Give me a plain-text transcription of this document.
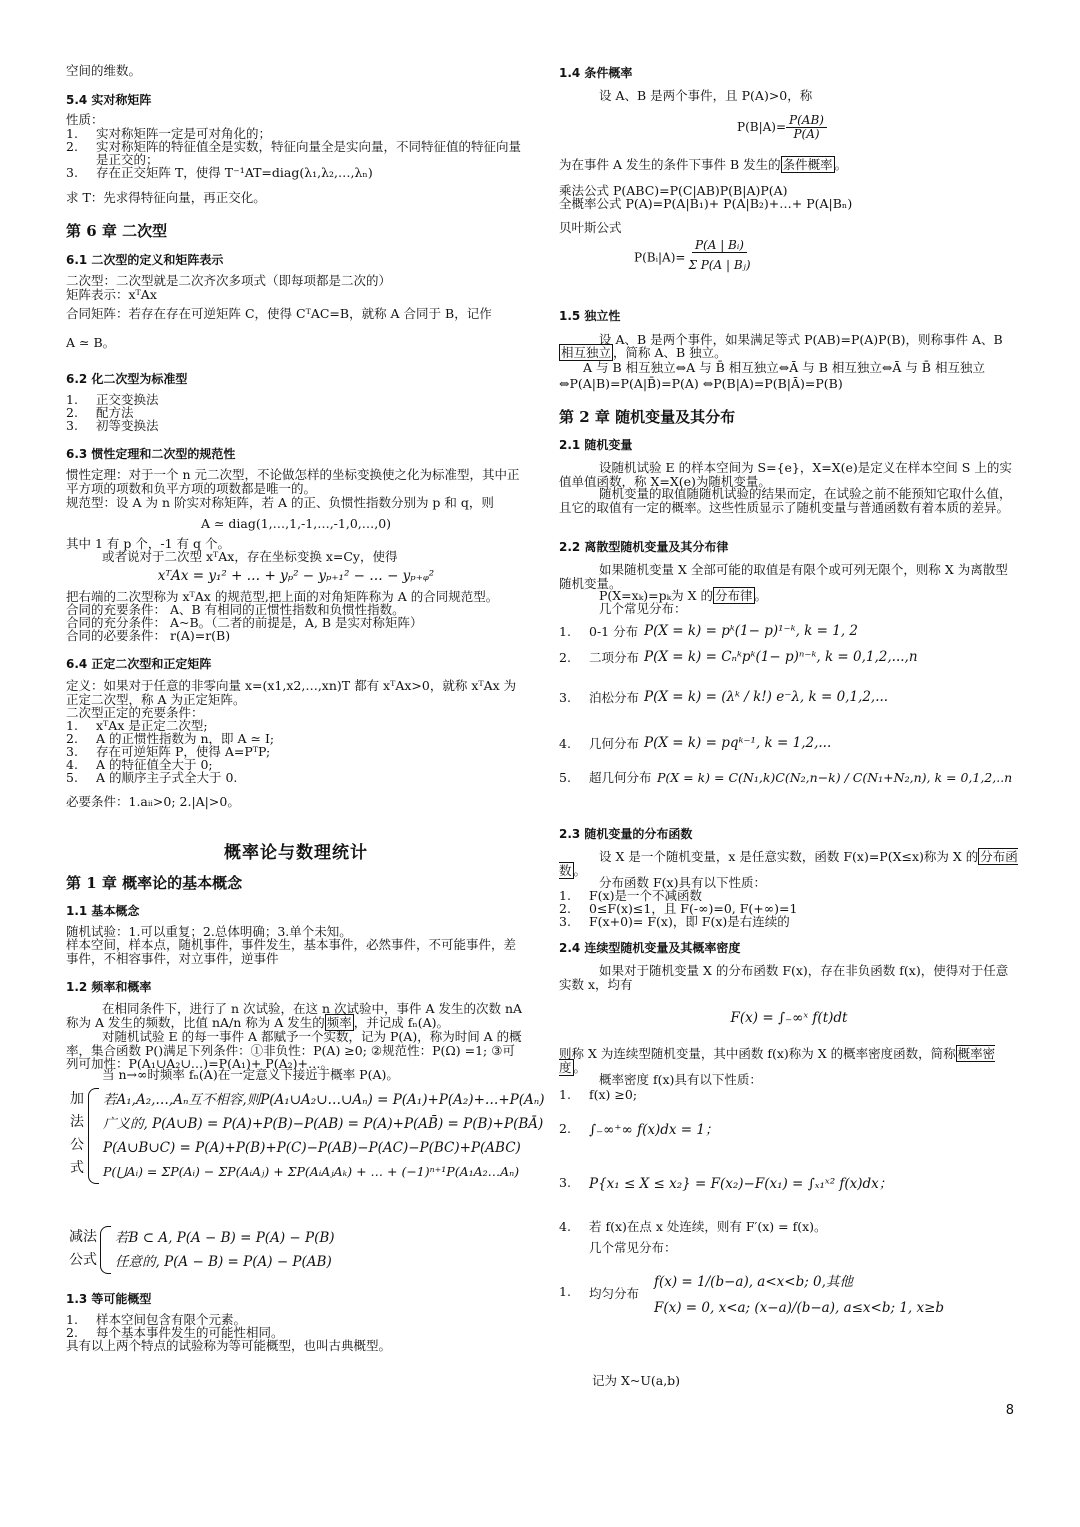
空间的维数。

5.4 实对称矩阵

性质：

1.	实对称矩阵一定是可对角化的；
2.	实对称矩阵的特征值全是实数，特征向量全是实向量，不同特征值的特征向量是正交的；
3.	存在正交矩阵 T，使得 T⁻¹AT=diag(λ₁,λ₂,…,λₙ)

求 T：先求得特征向量，再正交化。

第 6 章 二次型

6.1 二次型的定义和矩阵表示

二次型：二次型就是二次齐次多项式（即每项都是二次的）

矩阵表示：xᵀAx

合同矩阵：若存在存在可逆矩阵 C，使得 CᵀAC=B，就称 A 合同于 B，记作

A ≃ B。

6.2 化二次型为标准型

1.	正交变换法
2.	配方法
3.	初等变换法

6.3 惯性定理和二次型的规范性

惯性定理：对于一个 n 元二次型，不论做怎样的坐标变换使之化为标准型，其中正平方项的项数和负平方项的项数都是唯一的。

规范型：设 A 为 n 阶实对称矩阵，若 A 的正、负惯性指数分别为 p 和 q，则

A ≃ diag(1,…,1,-1,…,-1,0,…,0)

其中 1 有 p 个，-1 有 q 个。

或者说对于二次型 xᵀAx，存在坐标变换 x=Cy，使得

xᵀAx = y₁² + … + yₚ² − yₚ₊₁² − … − yₚ₊ᵩ²

把右端的二次型称为 xᵀAx 的规范型,把上面的对角矩阵称为 A 的合同规范型。

合同的充要条件： A、B 有相同的正惯性指数和负惯性指数。

合同的充分条件： A~B。（二者的前提是，A, B 是实对称矩阵）

合同的必要条件： r(A)=r(B)

6.4 正定二次型和正定矩阵

定义：如果对于任意的非零向量 x=(x1,x2,…,xn)T 都有 xᵀAx>0，就称 xᵀAx 为正定二次型，称 A 为正定矩阵。

二次型正定的充要条件：

1.	xᵀAx 是正定二次型;
2.	A 的正惯性指数为 n，即 A ≃ I;
3.	存在可逆矩阵 P，使得 A=PᵀP;
4.	A 的特征值全大于 0;
5.	A 的顺序主子式全大于 0.

必要条件：1.aᵢᵢ>0; 2.|A|>0。

概率论与数理统计

第 1 章 概率论的基本概念

1.1 基本概念

随机试验：1.可以重复；2.总体明确；3.单个未知。

样本空间，样本点，随机事件，事件发生，基本事件，必然事件，不可能事件，差事件，不相容事件，对立事件，逆事件

1.2 频率和概率

在相同条件下，进行了 n 次试验，在这 n 次试验中，事件 A 发生的次数 nA 称为 A 发生的频数，比值 nA/n 称为 A 发生的 频率 ，并记成 fₙ(A)。

对随机试验 E 的每一事件 A 都赋予一个实数，记为 P(A)，称为时间 A 的概率，集合函数 P()满足下列条件：①非负性：P(A) ≥0; ②规范性：P(Ω) =1; ③可列可加性：P(A₁∪A₂∪…)=P(A₁)+ P(A₂)+…。

当 n→∞时频率 fₙ(A)在一定意义下接近于概率 P(A)。

加
法
公
式
若A₁,A₂,…,Aₙ互不相容,则P(A₁∪A₂∪…∪Aₙ) = P(A₁)+P(A₂)+…+P(Aₙ)
广义的, P(A∪B) = P(A)+P(B)−P(AB) = P(A)+P(AB̄) = P(B)+P(BĀ)
P(A∪B∪C) = P(A)+P(B)+P(C)−P(AB)−P(AC)−P(BC)+P(ABC)
P(⋃Aᵢ) = ΣP(Aᵢ) − ΣP(AᵢAⱼ) + ΣP(AᵢAⱼAₖ) + … + (−1)ⁿ⁺¹P(A₁A₂…Aₙ)
减法
公式
若B ⊂ A, P(A − B) = P(A) − P(B)
任意的, P(A − B) = P(A) − P(AB)

1.3 等可能概型

1.	样本空间包含有限个元素。
2.	每个基本事件发生的可能性相同。

具有以上两个特点的试验称为等可能概型，也叫古典概型。

1.4 条件概率

设 A、B 是两个事件，且 P(A)>0，称

$P(B|A)= \frac{P(AB)}{P(A)}$

为在事件 A 发生的条件下事件 B 发生的 条件概率 。

乘法公式 P(ABC)=P(C|AB)P(B|A)P(A)

全概率公式 P(A)=P(A|B₁)+ P(A|B₂)+…+ P(A|Bₙ)

贝叶斯公式

P(Bᵢ|A)= $\frac{\text{P(A | Bᵢ)}}{\text{Σ P(A | Bⱼ)}}$

1.5 独立性

设 A、B 是两个事件，如果满足等式 P(AB)=P(A)P(B)，则称事件 A、B

相互独立 ，简称 A、B 独立。

A 与 B 相互独立⇔A 与 B̄ 相互独立⇔Ā 与 B 相互独立⇔Ā 与 B̄ 相互独立

⇔P(A|B)=P(A|B̄)=P(A) ⇔P(B|A)=P(B|Ā)=P(B)

第 2 章 随机变量及其分布

2.1 随机变量

设随机试验 E 的样本空间为 S={e}，X=X(e)是定义在样本空间 S 上的实值单值函数，称 X=X(e)为随机变量。

随机变量的取值随随机试验的结果而定，在试验之前不能预知它取什么值，且它的取值有一定的概率。这些性质显示了随机变量与普通函数有着本质的差异。

2.2 离散型随机变量及其分布律

如果随机变量 X 全部可能的取值是有限个或可列无限个，则称 X 为离散型随机变量。

P(X=xₖ)=pₖ为 X 的 分布律 。

几个常见分布：

1.	0-1 分布 P(X = k) = pᵏ(1− p)¹⁻ᵏ, k = 1, 2
2.	二项分布 P(X = k) = Cₙᵏpᵏ(1− p)ⁿ⁻ᵏ, k = 0,1,2,...,n
3.	泊松分布 P(X = k) = (λᵏ / k!) e⁻λ, k = 0,1,2,...
4.	几何分布 P(X = k) = pqᵏ⁻¹, k = 1,2,...
5.	超几何分布 P(X = k) = C(N₁,k)C(N₂,n−k) / C(N₁+N₂,n), k = 0,1,2,..n

2.3 随机变量的分布函数

设 X 是一个随机变量，x 是任意实数，函数 F(x)=P(X≤x)称为 X 的 分布函数 。

分布函数 F(x)具有以下性质：

1.	F(x)是一个不减函数
2.	0≤F(x)≤1，且 F(-∞)=0, F(+∞)=1
3.	F(x+0)= F(x)，即 F(x)是右连续的

2.4 连续型随机变量及其概率密度

如果对于随机变量 X 的分布函数 F(x)，存在非负函数 f(x)，使得对于任意实数 x，均有

F(x) = ∫₋∞ˣ f(t)dt

则称 X 为连续型随机变量，其中函数 f(x)称为 X 的概率密度函数，简称 概率密度 。

概率密度 f(x)具有以下性质：

1.	f(x) ≥0;
2.	∫₋∞⁺∞ f(x)dx = 1；
3.	P{x₁ ≤ X ≤ x₂} = F(x₂)−F(x₁) = ∫ₓ₁ˣ² f(x)dx；
4.	若 f(x)在点 x 处连续，则有 F′(x) = f(x)。

几个常见分布：

1.	均匀分布
f(x) = 1/(b−a), a<x<b; 0,其他
F(x) = 0, x<a; (x−a)/(b−a), a≤x<b; 1, x≥b

记为 X~U(a,b)

8
